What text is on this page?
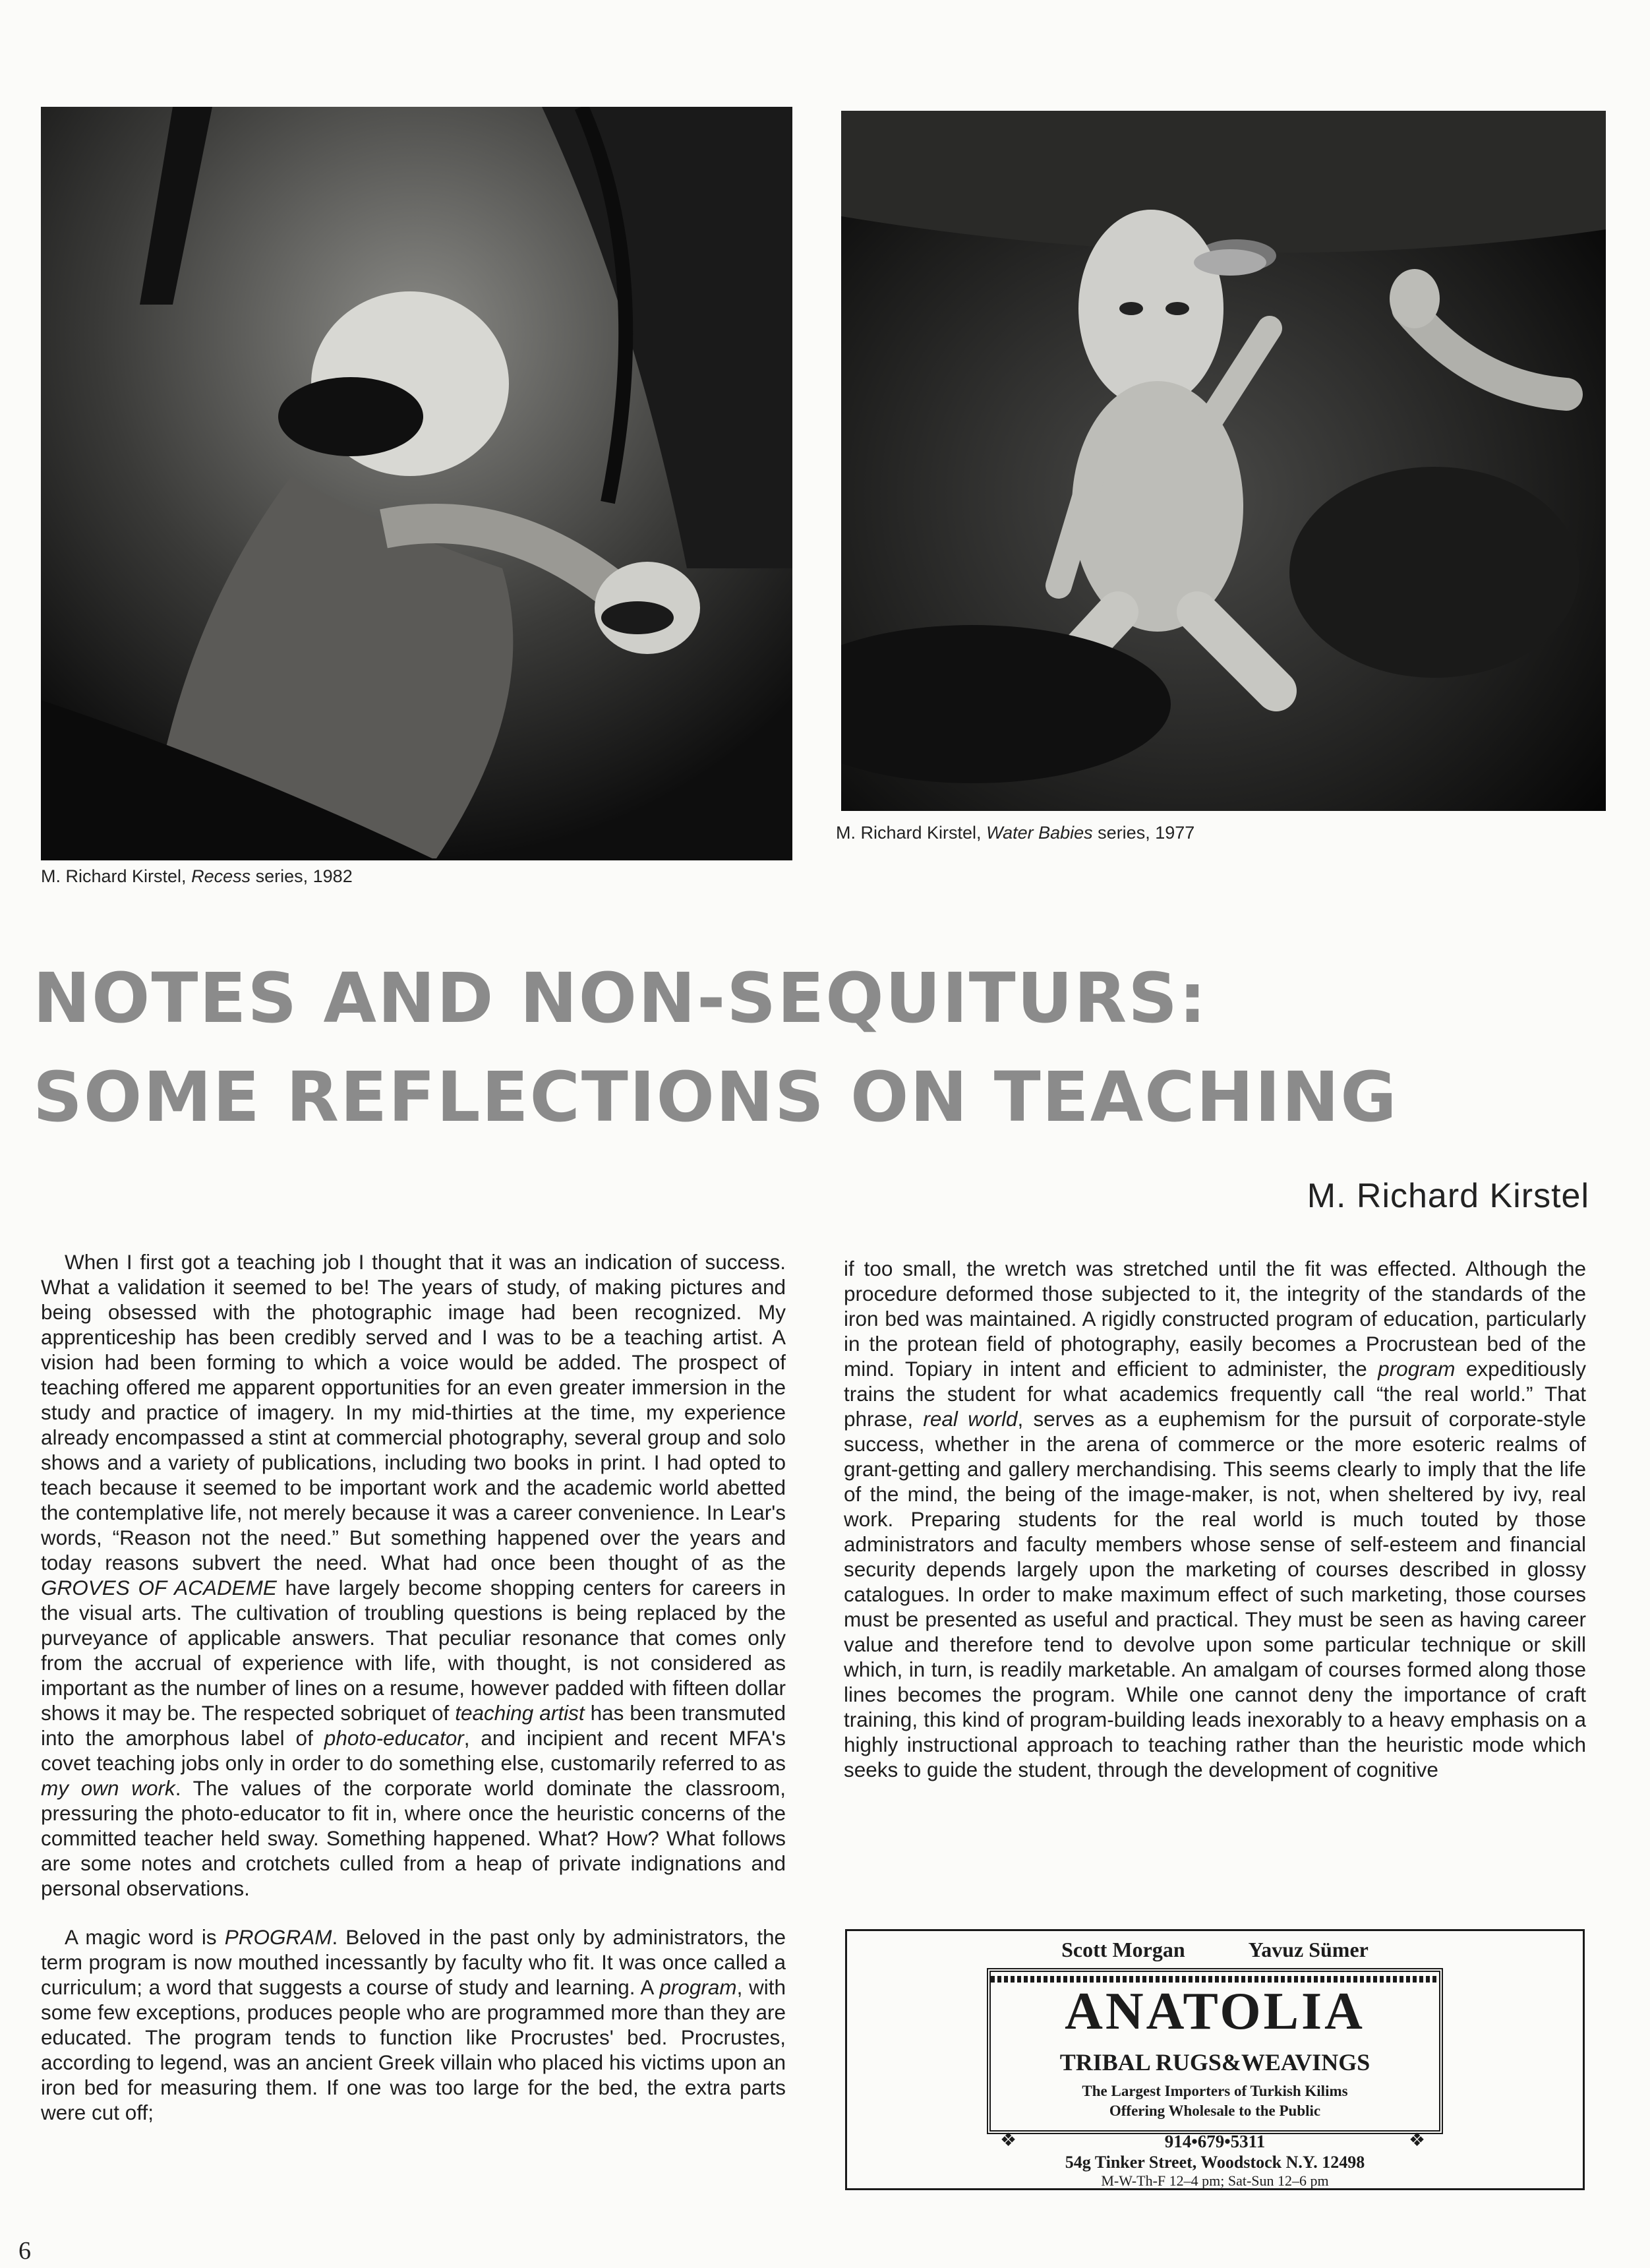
M. Richard Kirstel, Water Babies series, 1977
M. Richard Kirstel, Recess series, 1982
NOTES AND NON-SEQUITURS:
SOME REFLECTIONS ON TEACHING
M. Richard Kirstel

When I first got a teaching job I thought that it was an indication of success. What a validation it seemed to be! The years of study, of making pictures and being obsessed with the photographic image had been recognized. My apprenticeship has been credibly served and I was to be a teaching artist. A vision had been forming to which a voice would be added. The prospect of teaching offered me apparent opportunities for an even greater immersion in the study and practice of imagery. In my mid-thirties at the time, my experience already encompassed a stint at commercial photography, several group and solo shows and a variety of publications, including two books in print. I had opted to teach because it seemed to be important work and the academic world abetted the contemplative life, not merely because it was a career convenience. In Lear's words, “Reason not the need.” But something happened over the years and today reasons subvert the need. What had once been thought of as the GROVES OF ACADEME have largely become shopping centers for careers in the visual arts. The cultivation of troubling questions is being replaced by the purveyance of applicable answers. That peculiar resonance that comes only from the accrual of experience with life, with thought, is not considered as important as the number of lines on a resume, however padded with fifteen dollar shows it may be. The respected sobriquet of teaching artist has been transmuted into the amorphous label of photo-educator, and incipient and recent MFA's covet teaching jobs only in order to do something else, customarily referred to as my own work. The values of the corporate world dominate the classroom, pressuring the photo-educator to fit in, where once the heuristic concerns of the committed teacher held sway. Something happened. What? How? What follows are some notes and crotchets culled from a heap of private indignations and personal observations.

A magic word is PROGRAM. Beloved in the past only by administrators, the term program is now mouthed incessantly by faculty who fit. It was once called a curriculum; a word that suggests a course of study and learning. A program, with some few exceptions, produces people who are programmed more than they are educated. The program tends to function like Procrustes' bed. Procrustes, according to legend, was an ancient Greek villain who placed his victims upon an iron bed for measuring them. If one was too large for the bed, the extra parts were cut off;

if too small, the wretch was stretched until the fit was effected. Although the procedure deformed those subjected to it, the integrity of the standards of the iron bed was maintained. A rigidly constructed program of education, particularly in the protean field of photography, easily becomes a Procrustean bed of the mind. Topiary in intent and efficient to administer, the program expeditiously trains the student for what academics frequently call “the real world.” That phrase, real world, serves as a euphemism for the pursuit of corporate-style success, whether in the arena of commerce or the more esoteric realms of grant-getting and gallery merchandising. This seems clearly to imply that the life of the mind, the being of the image-maker, is not, when sheltered by ivy, real work. Preparing students for the real world is much touted by those administrators and faculty members whose sense of self-esteem and financial security depends largely upon the marketing of courses described in glossy catalogues. In order to make maximum effect of such marketing, those courses must be presented as useful and practical. They must be seen as having career value and therefore tend to devolve upon some particular technique or skill which, in turn, is readily marketable. An amalgam of courses formed along those lines becomes the program. While one cannot deny the importance of craft training, this kind of program-building leads inexorably to a heavy emphasis on a highly instructional approach to teaching rather than the heuristic mode which seeks to guide the student, through the development of cognitive

Scott Morgan	Yavuz Sümer
ANATOLIA
TRIBAL RUGS&WEAVINGS
The Largest Importers of Turkish Kilims
Offering Wholesale to the Public
❖	❖
914•679•5311
54g Tinker Street, Woodstock N.Y. 12498
M-W-Th-F 12–4 pm; Sat-Sun 12–6 pm
6
